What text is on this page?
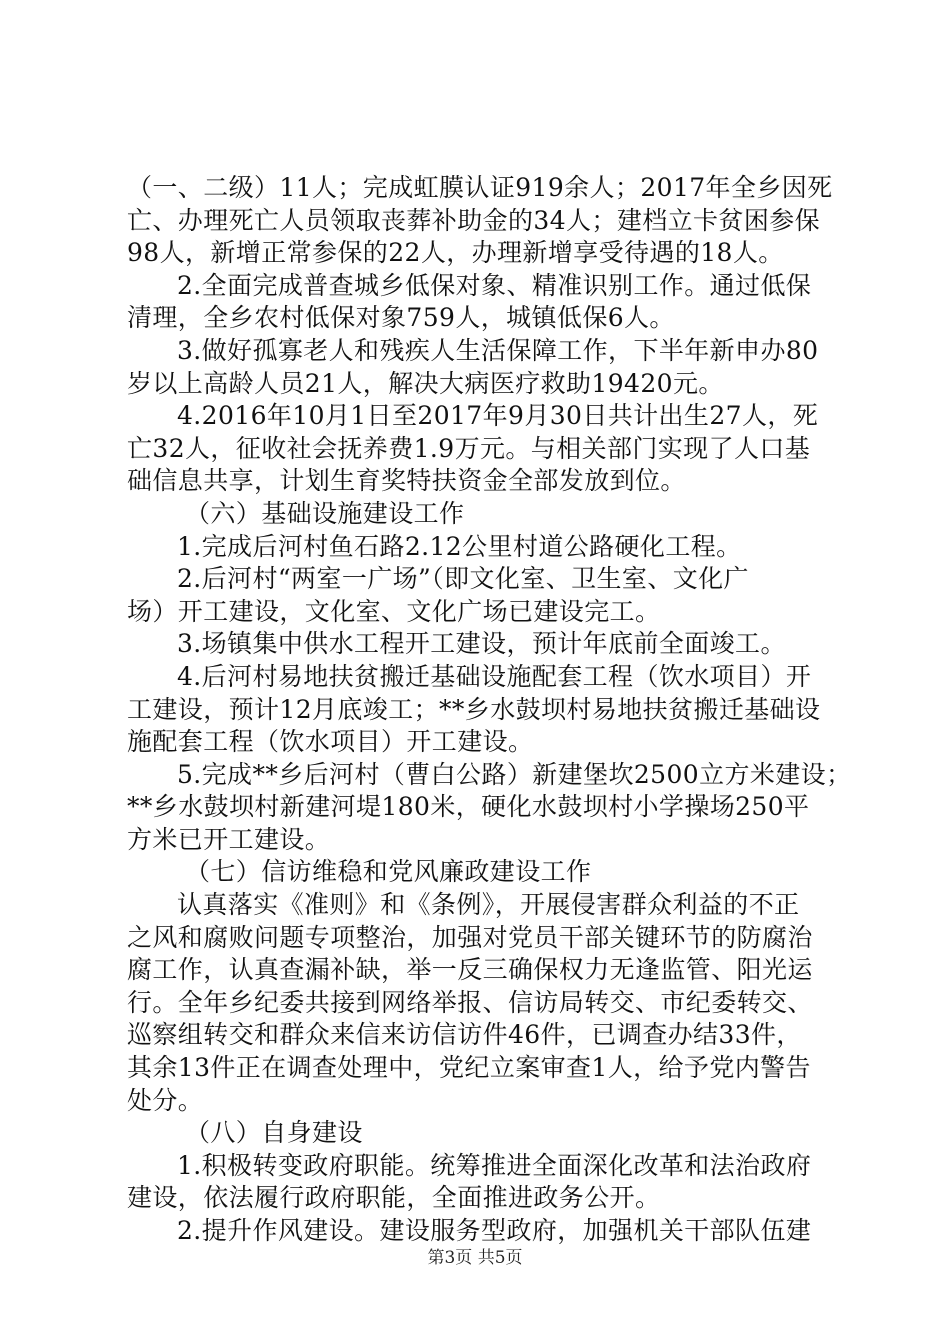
（一、二级）11人；完成虹膜认证919余人；2017年全乡因死
亡、办理死亡人员领取丧葬补助金的34人；建档立卡贫困参保
98人，新增正常参保的22人，办理新增享受待遇的18人。
2.全面完成普查城乡低保对象、精准识别工作。通过低保
清理，全乡农村低保对象759人，城镇低保6人。
3.做好孤寡老人和残疾人生活保障工作，下半年新申办80
岁以上高龄人员21人，解决大病医疗救助19420元。
4.2016年10月1日至2017年9月30日共计出生27人，死
亡32人，征收社会抚养费1.9万元。与相关部门实现了人口基
础信息共享，计划生育奖特扶资金全部发放到位。
（六）基础设施建设工作
1.完成后河村鱼石路2.12公里村道公路硬化工程。
2.后河村“两室一广场”（即文化室、卫生室、文化广
场）开工建设，文化室、文化广场已建设完工。
3.场镇集中供水工程开工建设，预计年底前全面竣工。
4.后河村易地扶贫搬迁基础设施配套工程（饮水项目）开
工建设，预计12月底竣工；**乡水鼓坝村易地扶贫搬迁基础设
施配套工程（饮水项目）开工建设。
5.完成**乡后河村（曹白公路）新建堡坎2500立方米建设；
**乡水鼓坝村新建河堤180米，硬化水鼓坝村小学操场250平
方米已开工建设。
（七）信访维稳和党风廉政建设工作
认真落实《准则》和《条例》，开展侵害群众利益的不正
之风和腐败问题专项整治，加强对党员干部关键环节的防腐治
腐工作，认真查漏补缺，举一反三确保权力无逢监管、阳光运
行。全年乡纪委共接到网络举报、信访局转交、市纪委转交、
巡察组转交和群众来信来访信访件46件，已调查办结33件，
其余13件正在调查处理中，党纪立案审查1人，给予党内警告
处分。
（八）自身建设
1.积极转变政府职能。统筹推进全面深化改革和法治政府
建设，依法履行政府职能，全面推进政务公开。
2.提升作风建设。建设服务型政府，加强机关干部队伍建
第3页 共5页
